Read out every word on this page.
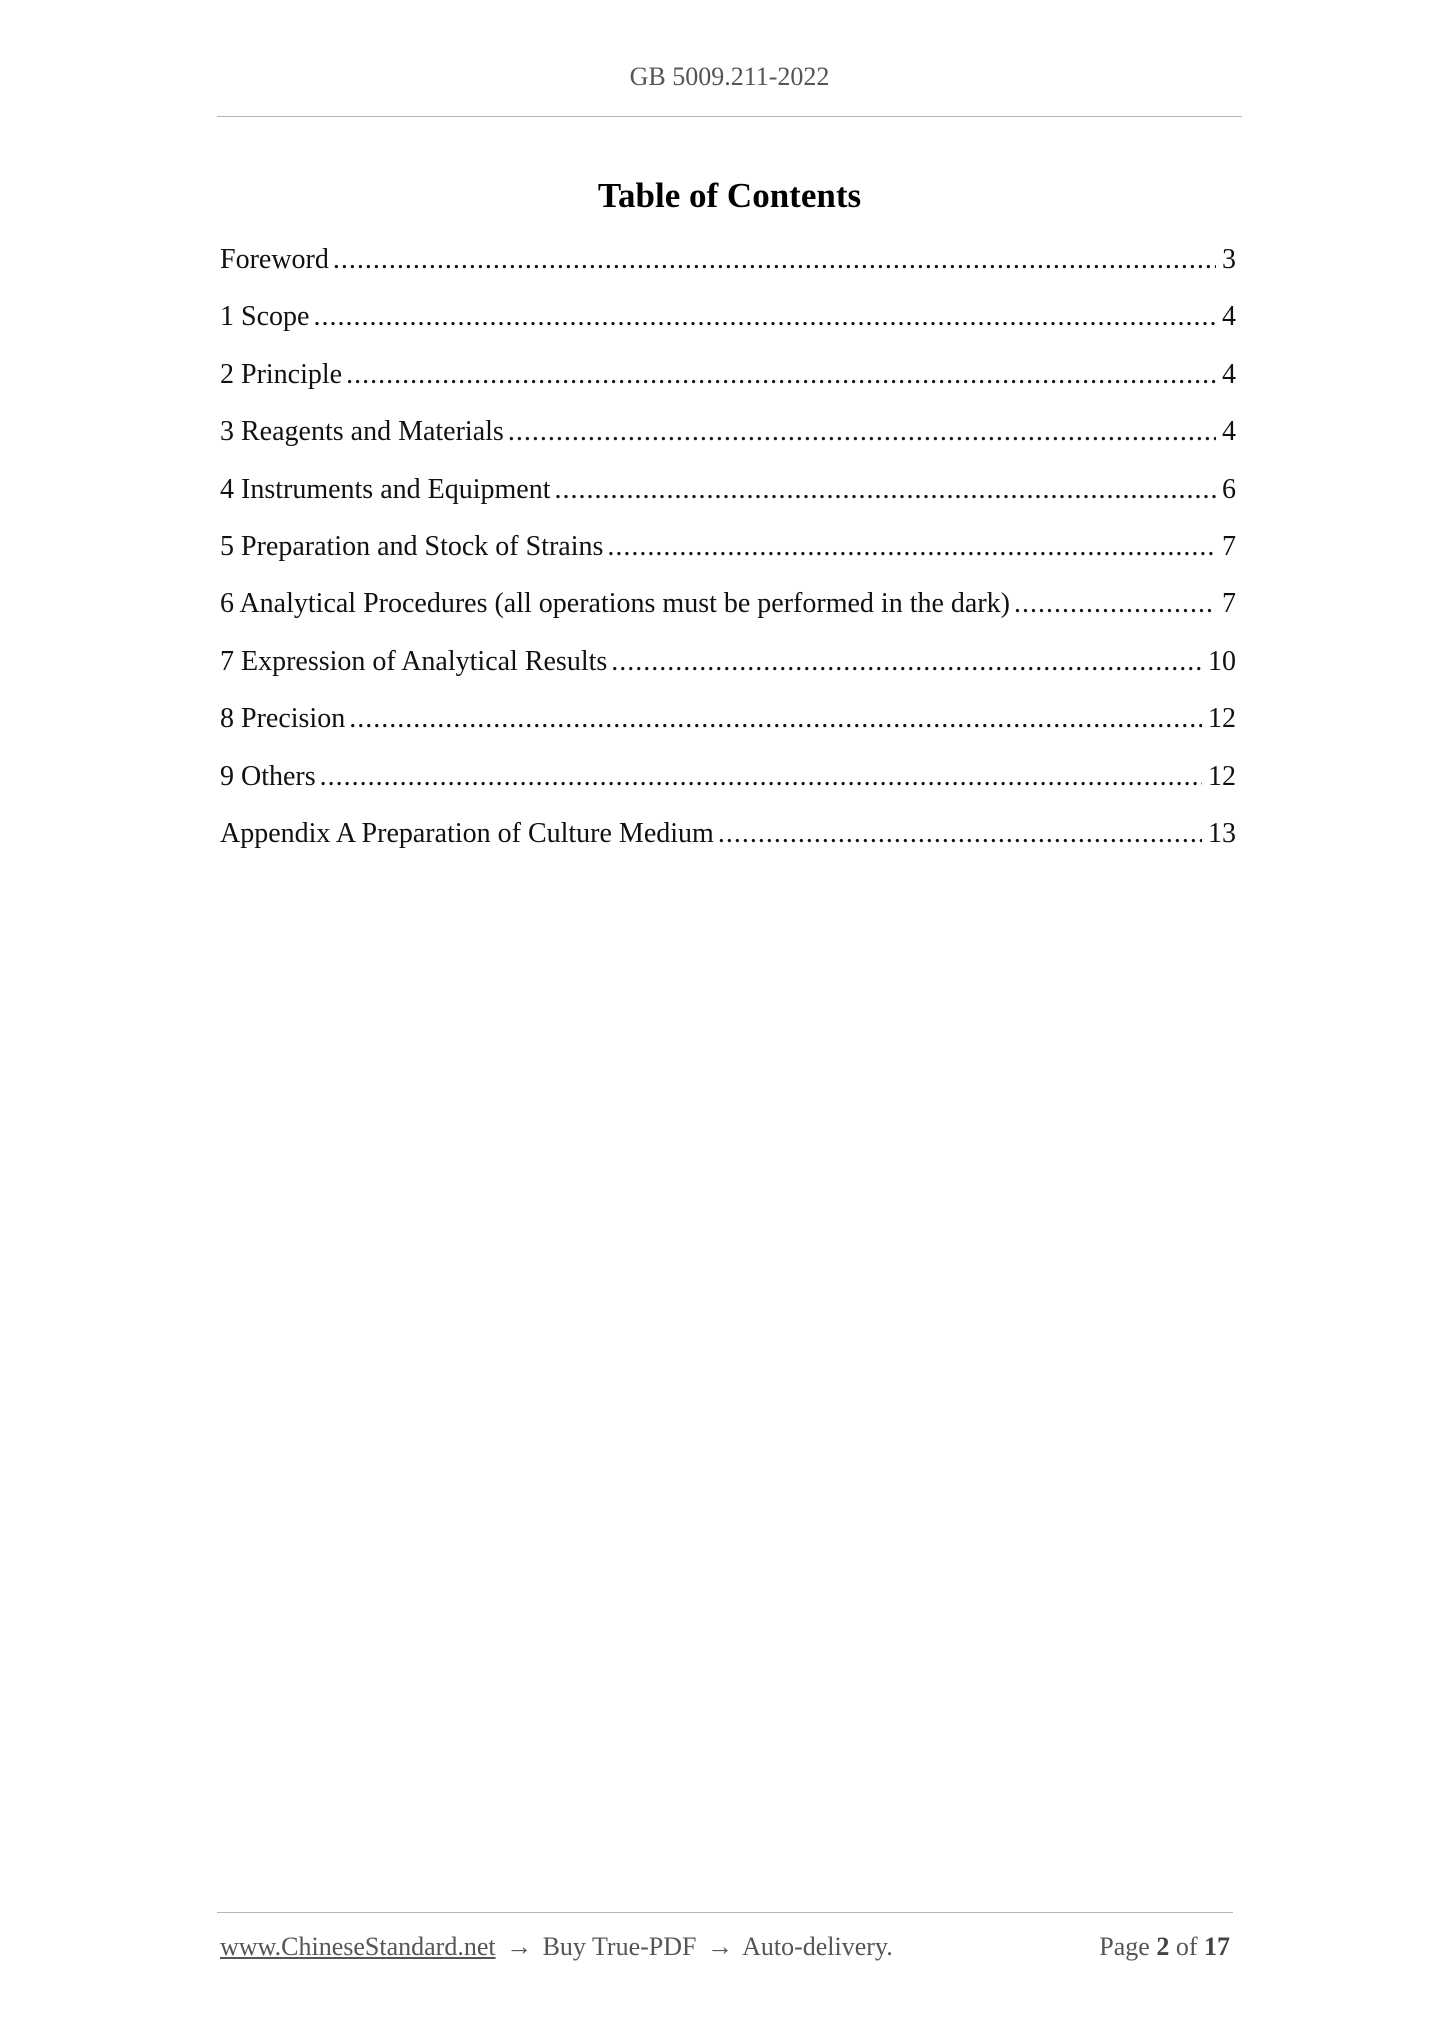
GB 5009.211-2022
Table of Contents
Foreword .....	3
1 Scope .....	4
2 Principle .....	4
3 Reagents and Materials .....	4
4 Instruments and Equipment .....	6
5 Preparation and Stock of Strains .....	7
6 Analytical Procedures (all operations must be performed in the dark) .....	7
7 Expression of Analytical Results .....	10
8 Precision .....	12
9 Others .....	12
Appendix A Preparation of Culture Medium .....	13
www.ChineseStandard.net → Buy True-PDF → Auto-delivery.	Page 2 of 17
